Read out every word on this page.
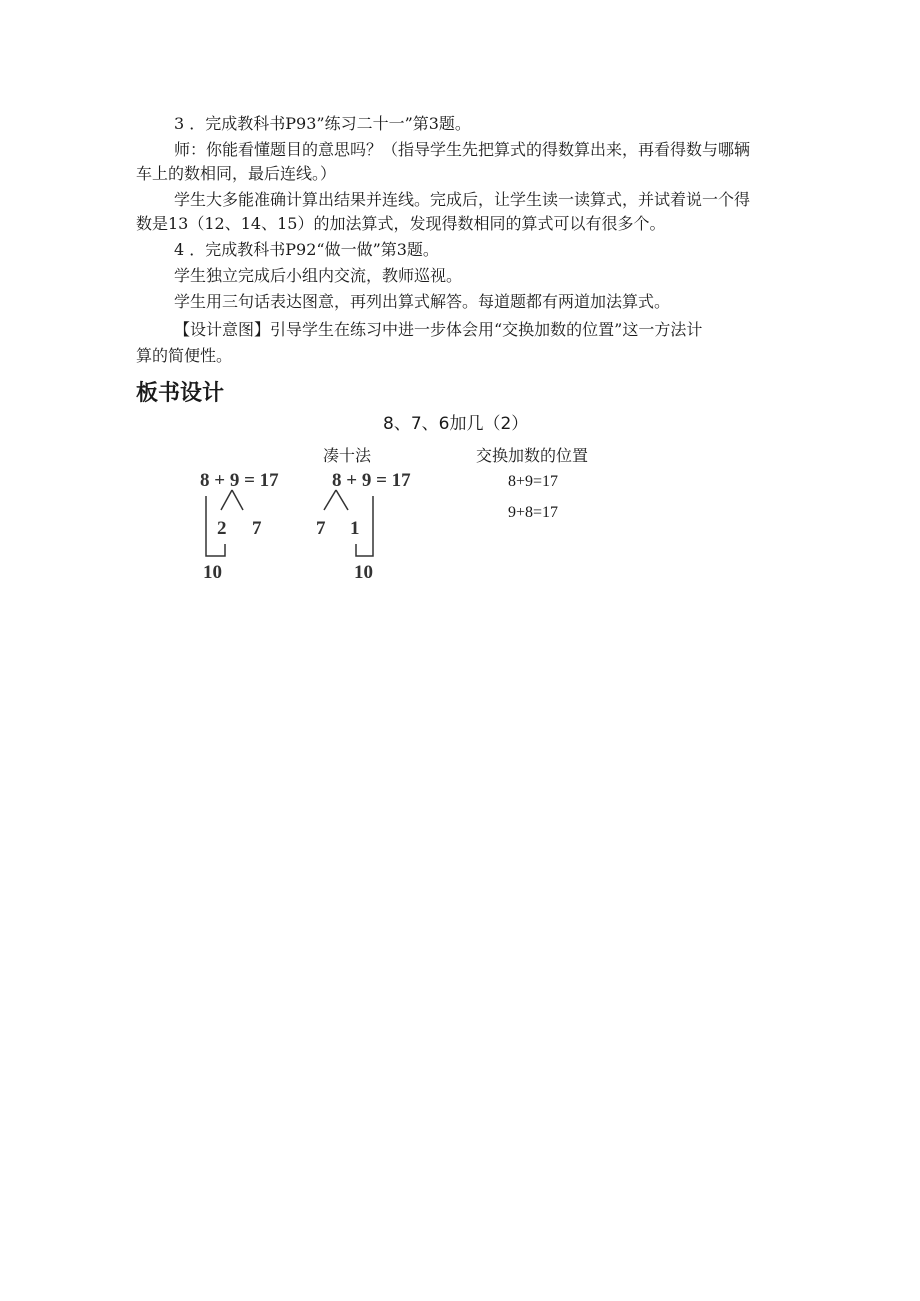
3 ．完成教科书P93”练习二十一”第3题。
师：你能看懂题目的意思吗？（指导学生先把算式的得数算出来，再看得数与哪辆
车上的数相同，最后连线。）
学生大多能准确计算出结果并连线。完成后，让学生读一读算式，并试着说一个得
数是13（12、14、15）的加法算式，发现得数相同的算式可以有很多个。
4 ．完成教科书P92“做一做”第3题。
学生独立完成后小组内交流，教师巡视。
学生用三句话表达图意，再列出算式解答。每道题都有两道加法算式。
【设计意图】引导学生在练习中进一步体会用“交换加数的位置”这一方法计
算的简便性。
板书设计
8、7、6加几（2）
凑十法	交换加数的位置
8 + 9 = 17
2 7
10
8 + 9 = 17
7 1
10
8+9=17
9+8=17
